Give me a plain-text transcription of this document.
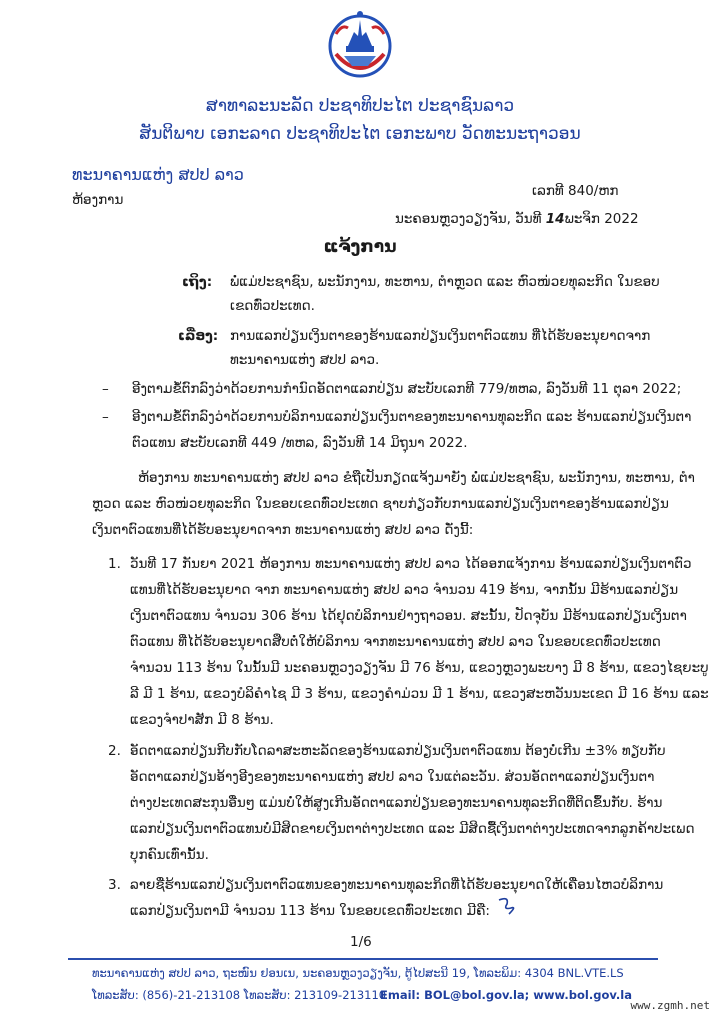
ສາທາລະນະລັດ ປະຊາທິປະໄຕ ປະຊາຊົນລາວ
ສັນຕິພາບ ເອກະລາດ ປະຊາທິປະໄຕ ເອກະພາບ ວັດທະນະຖາວອນ
ທະນາຄານແຫ່ງ ສປປ ລາວ
ຫ້ອງການ
ເລກທີ 840/ຫກ
ນະຄອນຫຼວງວຽງຈັນ, ວັນທີ 14ພະຈິກ 2022
ແຈ້ງການ
ເຖິງ: ພໍ່ແມ່ປະຊາຊົນ, ພະນັກງານ, ທະຫານ, ຕໍາຫຼວດ ແລະ ຫົວໜ່ວຍທຸລະກິດ ໃນຂອບ
ເຂດທົ່ວປະເທດ.
ເລື່ອງ: ການແລກປ່ຽນເງິນຕາຂອງຮ້ານແລກປ່ຽນເງິນຕາຕົວແທນ ທີ່ໄດ້ຮັບອະນຸຍາດຈາກ
ທະນາຄານແຫ່ງ ສປປ ລາວ.
– ອີງຕາມຂໍ້ຕົກລົງວ່າດ້ວຍການກໍານົດອັດຕາແລກປ່ຽນ ສະບັບເລກທີ 779/ທຫລ, ລົງວັນທີ 11 ຕຸລາ 2022;
– ອີງຕາມຂໍ້ຕົກລົງວ່າດ້ວຍການບໍລິການແລກປ່ຽນເງິນຕາຂອງທະນາຄານທຸລະກິດ ແລະ ຮ້ານແລກປ່ຽນເງິນຕາ
ຕົວແທນ ສະບັບເລກທີ 449 /ທຫລ, ລົງວັນທີ 14 ມິຖຸນາ 2022.
ຫ້ອງການ ທະນາຄານແຫ່ງ ສປປ ລາວ ຂໍຖືເປັນກຽດແຈ້ງມາຍັງ ພໍ່ແມ່ປະຊາຊົນ, ພະນັກງານ, ທະຫານ, ຕໍາ
ຫຼວດ ແລະ ຫົວໜ່ວຍທຸລະກິດ ໃນຂອບເຂດທົ່ວປະເທດ ຊາບກ່ຽວກັບການແລກປ່ຽນເງິນຕາຂອງຮ້ານແລກປ່ຽນ
ເງິນຕາຕົວແທນທີ່ໄດ້ຮັບອະນຸຍາດຈາກ ທະນາຄານແຫ່ງ ສປປ ລາວ ດັ່ງນີ້:
1. ວັນທີ 17 ກັນຍາ 2021 ຫ້ອງການ ທະນາຄານແຫ່ງ ສປປ ລາວ ໄດ້ອອກແຈ້ງການ ຮ້ານແລກປ່ຽນເງິນຕາຕົວ
ແທນທີ່ໄດ້ຮັບອະນຸຍາດ ຈາກ ທະນາຄານແຫ່ງ ສປປ ລາວ ຈໍານວນ 419 ຮ້ານ, ຈາກນັ້ນ ມີຮ້ານແລກປ່ຽນ
ເງິນຕາຕົວແທນ ຈໍານວນ 306 ຮ້ານ ໄດ້ຢຸດບໍລິການຢ່າງຖາວອນ. ສະນັ້ນ, ປັດຈຸບັນ ມີຮ້ານແລກປ່ຽນເງິນຕາ
ຕົວແທນ ທີ່ໄດ້ຮັບອະນຸຍາດສືບຕໍ່ໃຫ້ບໍລິການ ຈາກທະນາຄານແຫ່ງ ສປປ ລາວ ໃນຂອບເຂດທົ່ວປະເທດ
ຈໍານວນ 113 ຮ້ານ ໃນນັ້ນມີ ນະຄອນຫຼວງວຽງຈັນ ມີ 76 ຮ້ານ, ແຂວງຫຼວງພະບາງ ມີ 8 ຮ້ານ, ແຂວງໄຊຍະບູ
ລີ ມີ 1 ຮ້ານ, ແຂວງບໍລິຄໍາໄຊ ມີ 3 ຮ້ານ, ແຂວງຄໍາມ່ວນ ມີ 1 ຮ້ານ, ແຂວງສະຫວັນນະເຂດ ມີ 16 ຮ້ານ ແລະ
ແຂວງຈໍາປາສັກ ມີ 8 ຮ້ານ.
2. ອັດຕາແລກປ່ຽນກີບກັບໂດລາສະຫະລັດຂອງຮ້ານແລກປ່ຽນເງິນຕາຕົວແທນ ຕ້ອງບໍ່ເກີນ ±3% ທຽບກັບ
ອັດຕາແລກປ່ຽນອ້າງອີງຂອງທະນາຄານແຫ່ງ ສປປ ລາວ ໃນແຕ່ລະວັນ. ສ່ວນອັດຕາແລກປ່ຽນເງິນຕາ
ຕ່າງປະເທດສະກຸນອື່ນໆ ແມ່ນບໍ່ໃຫ້ສູງເກີນອັດຕາແລກປ່ຽນຂອງທະນາຄານທຸລະກິດທີ່ຕິດຂຶ້ນກັບ. ຮ້ານ
ແລກປ່ຽນເງິນຕາຕົວແທນບໍ່ມີສິດຂາຍເງິນຕາຕ່າງປະເທດ ແລະ ມີສິດຊື້ເງິນຕາຕ່າງປະເທດຈາກລູກຄ້າປະເພດ
ບຸກຄົນເທົ່ານັ້ນ.
3. ລາຍຊື່ຮ້ານແລກປ່ຽນເງິນຕາຕົວແທນຂອງທະນາຄານທຸລະກິດທີ່ໄດ້ຮັບອະນຸຍາດໃຫ້ເຄື່ອນໄຫວບໍລິການ
ແລກປ່ຽນເງິນຕາມີ ຈໍານວນ 113 ຮ້ານ ໃນຂອບເຂດທົ່ວປະເທດ ມີຄື:
1/6
ທະນາຄານແຫ່ງ ສປປ ລາວ, ຖະໜົນ ຢອນເນ, ນະຄອນຫຼວງວຽງຈັນ, ຕູ້ໄປສະນີ 19, ໂທລະພິມ: 4304 BNL.VTE.LS
ໂທລະສັບ: (856)-21-213108 ໂທລະສັບ: 213109-213110
Email: BOL@bol.gov.la; www.bol.gov.la
www.zgmh.net
